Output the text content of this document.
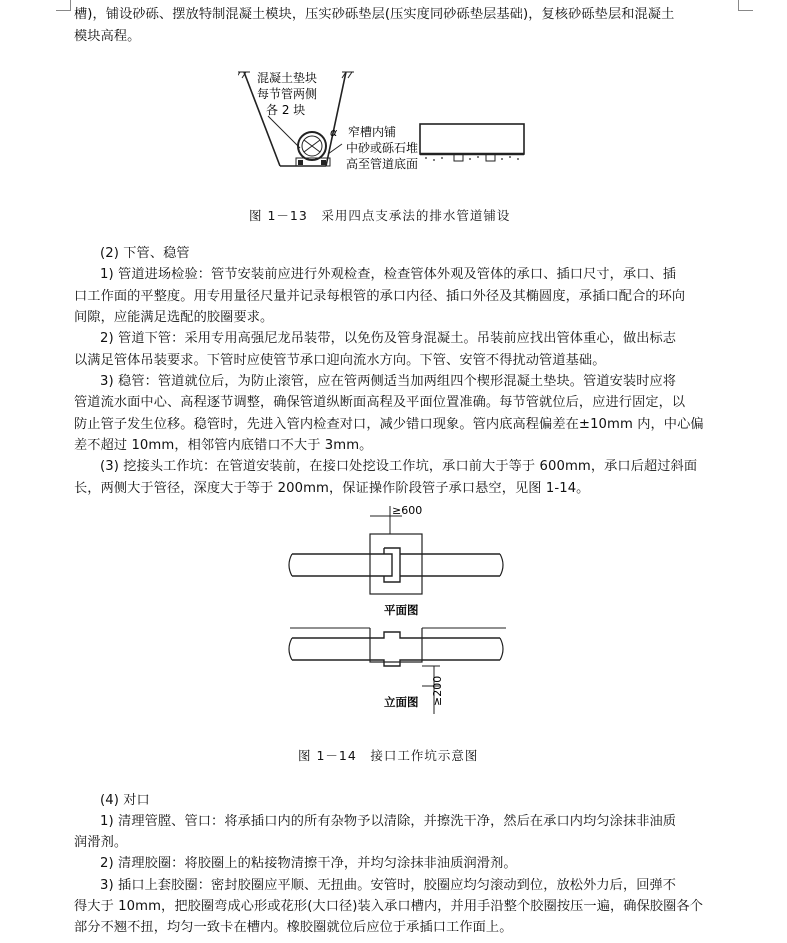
槽)，铺设砂砾、摆放特制混凝土模块，压实砂砾垫层(压实度同砂砾垫层基础)，复核砂砾垫层和混凝土
模块高程。
混凝土垫块
每节管两侧
各 2 块
窄槽内铺
中砂或砾石堆
高至管道底面
α
图 1－13　采用四点支承法的排水管道铺设
(2) 下管、稳管
1) 管道进场检验：管节安装前应进行外观检查，检查管体外观及管体的承口、插口尺寸，承口、插
口工作面的平整度。用专用量径尺量并记录每根管的承口内径、插口外径及其椭圆度，承插口配合的环向
间隙，应能满足选配的胶圈要求。
2) 管道下管：采用专用高强尼龙吊装带，以免伤及管身混凝土。吊装前应找出管体重心，做出标志
以满足管体吊装要求。下管时应使管节承口迎向流水方向。下管、安管不得扰动管道基础。
3) 稳管：管道就位后，为防止滚管，应在管两侧适当加两组四个楔形混凝土垫块。管道安装时应将
管道流水面中心、高程逐节调整，确保管道纵断面高程及平面位置准确。每节管就位后，应进行固定，以
防止管子发生位移。稳管时，先进入管内检查对口，减少错口现象。管内底高程偏差在±10mm 内，中心偏
差不超过 10mm，相邻管内底错口不大于 3mm。
(3) 挖接头工作坑：在管道安装前，在接口处挖设工作坑，承口前大于等于 600mm，承口后超过斜面
长，两侧大于管径，深度大于等于 200mm，保证操作阶段管子承口悬空，见图 1-14。
≥600
平面图
≥200
立面图
图 1－14　接口工作坑示意图
(4) 对口
1) 清理管膛、管口：将承插口内的所有杂物予以清除，并擦洗干净，然后在承口内均匀涂抹非油质
润滑剂。
2) 清理胶圈：将胶圈上的粘接物清擦干净，并均匀涂抹非油质润滑剂。
3) 插口上套胶圈：密封胶圈应平顺、无扭曲。安管时，胶圈应均匀滚动到位，放松外力后，回弹不
得大于 10mm，把胶圈弯成心形或花形(大口径)装入承口槽内，并用手沿整个胶圈按压一遍，确保胶圈各个
部分不翘不扭，均匀一致卡在槽内。橡胶圈就位后应位于承插口工作面上。
